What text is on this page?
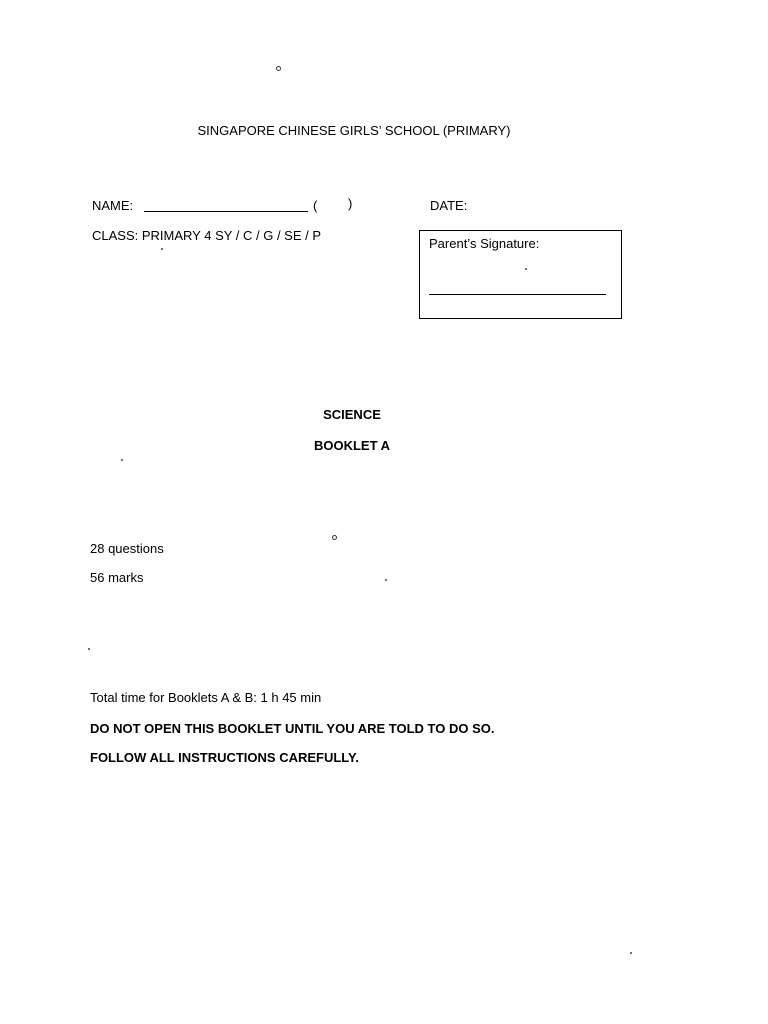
SINGAPORE CHINESE GIRLS’ SCHOOL (PRIMARY)
NAME:	( )	DATE:
CLASS: PRIMARY 4 SY / C / G / SE / P
Parent’s Signature:
SCIENCE
BOOKLET A
28 questions
56 marks
Total time for Booklets A & B: 1 h 45 min
DO NOT OPEN THIS BOOKLET UNTIL YOU ARE TOLD TO DO SO.
FOLLOW ALL INSTRUCTIONS CAREFULLY.
